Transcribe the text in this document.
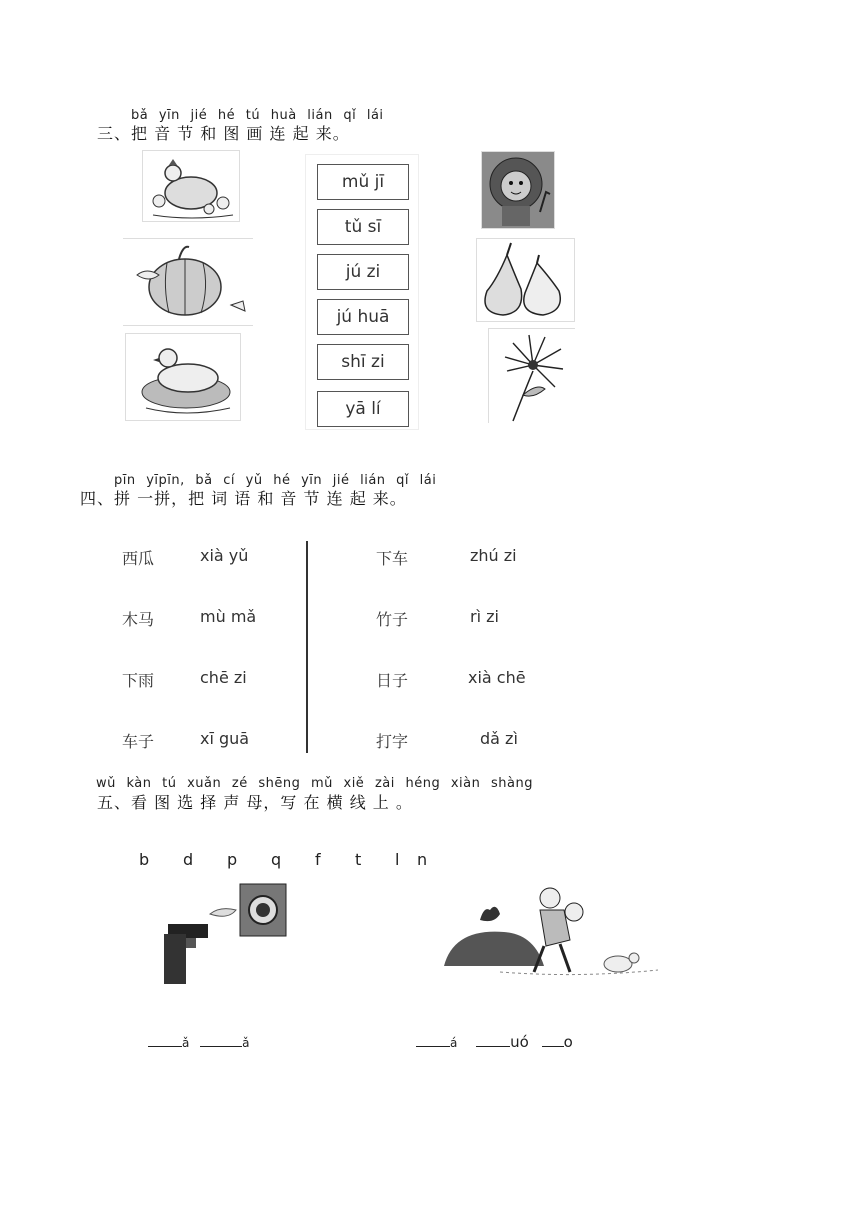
bǎ yīn jié hé tú huà lián qǐ lái
三、把 音 节 和 图 画 连 起 来。
mǔ jī
tǔ sī
jú zi
jú huā
shī zi
yā lí
pīn yīpīn, bǎ cí yǔ hé yīn jié lián qǐ lái
四、拼 一拼，把 词 语 和 音 节 连 起 来。
西瓜	xià yǔ
木马	mù mǎ
下雨	chē zi
车子	xī guā
下车	zhú zi
竹子	rì zi
日子	xià chē
打字	dǎ zì
wǔ kàn tú xuǎn zé shēng mǔ xiě zài héng xiàn shàng
五、看 图 选 择 声 母，写 在 横 线 上 。
b d p q f t l n
ǎ	ǎ	á	uó o
